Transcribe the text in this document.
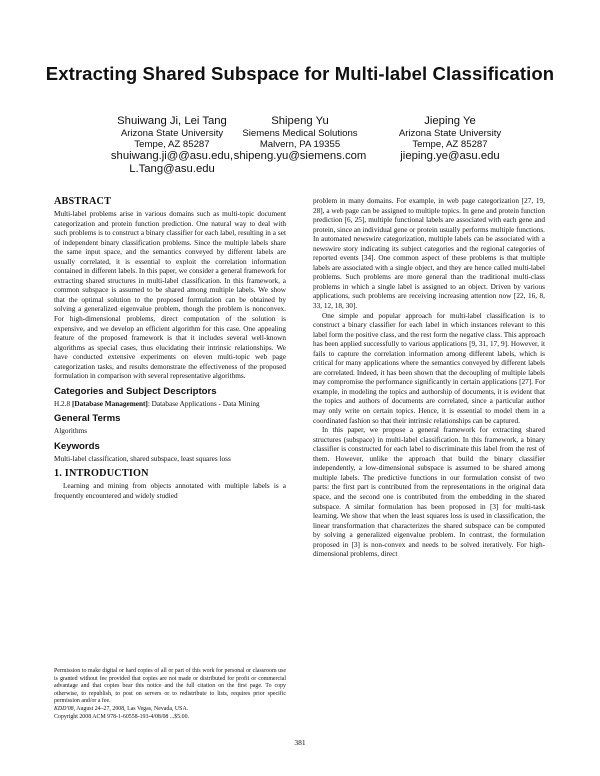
Extracting Shared Subspace for Multi-label Classification
Shuiwang Ji, Lei Tang
Arizona State University
Tempe, AZ 85287
shuiwang.ji@@asu.edu,
L.Tang@asu.edu
Shipeng Yu
Siemens Medical Solutions
Malvern, PA 19355
shipeng.yu@siemens.com
Jieping Ye
Arizona State University
Tempe, AZ 85287
jieping.ye@asu.edu
ABSTRACT

Multi-label problems arise in various domains such as multi-topic document categorization and protein function prediction. One natural way to deal with such problems is to construct a binary classifier for each label, resulting in a set of independent binary classification problems. Since the multiple labels share the same input space, and the semantics conveyed by different labels are usually correlated, it is essential to exploit the correlation information contained in different labels. In this paper, we consider a general framework for extracting shared structures in multi-label classification. In this framework, a common subspace is assumed to be shared among multiple labels. We show that the optimal solution to the proposed formulation can be obtained by solving a generalized eigenvalue problem, though the problem is nonconvex. For high-dimensional problems, direct computation of the solution is expensive, and we develop an efficient algorithm for this case. One appealing feature of the proposed framework is that it includes several well-known algorithms as special cases, thus elucidating their intrinsic relationships. We have conducted extensive experiments on eleven multi-topic web page categorization tasks, and results demonstrate the effectiveness of the proposed formulation in comparison with several representative algorithms.

Categories and Subject Descriptors

H.2.8 [Database Management]: Database Applications - Data Mining

General Terms

Algorithms

Keywords

Multi-label classification, shared subspace, least squares loss

1. INTRODUCTION

Learning and mining from objects annotated with multiple labels is a frequently encountered and widely studied

Permission to make digital or hard copies of all or part of this work for personal or classroom use is granted without fee provided that copies are not made or distributed for profit or commercial advantage and that copies bear this notice and the full citation on the first page. To copy otherwise, to republish, to post on servers or to redistribute to lists, requires prior specific permission and/or a fee.

KDD'08, August 24–27, 2008, Las Vegas, Nevada, USA.

Copyright 2008 ACM 978-1-60558-193-4/08/08 ...$5.00.

problem in many domains. For example, in web page categorization [27, 19, 28], a web page can be assigned to multiple topics. In gene and protein function prediction [6, 25], multiple functional labels are associated with each gene and protein, since an individual gene or protein usually performs multiple functions. In automated newswire categorization, multiple labels can be associated with a newswire story indicating its subject categories and the regional categories of reported events [34]. One common aspect of these problems is that multiple labels are associated with a single object, and they are hence called multi-label problems. Such problems are more general than the traditional multi-class problems in which a single label is assigned to an object. Driven by various applications, such problems are receiving increasing attention now [22, 16, 8, 33, 12, 18, 30].

One simple and popular approach for multi-label classification is to construct a binary classifier for each label in which instances relevant to this label form the positive class, and the rest form the negative class. This approach has been applied successfully to various applications [9, 31, 17, 9]. However, it fails to capture the correlation information among different labels, which is critical for many applications where the semantics conveyed by different labels are correlated. Indeed, it has been shown that the decoupling of multiple labels may compromise the performance significantly in certain applications [27]. For example, in modeling the topics and authorship of documents, it is evident that the topics and authors of documents are correlated, since a particular author may only write on certain topics. Hence, it is essential to model them in a coordinated fashion so that their intrinsic relationships can be captured.

In this paper, we propose a general framework for extracting shared structures (subspace) in multi-label classification. In this framework, a binary classifier is constructed for each label to discriminate this label from the rest of them. However, unlike the approach that build the binary classifier independently, a low-dimensional subspace is assumed to be shared among multiple labels. The predictive functions in our formulation consist of two parts: the first part is contributed from the representations in the original data space, and the second one is contributed from the embedding in the shared subspace. A similar formulation has been proposed in [3] for multi-task learning. We show that when the least squares loss is used in classification, the linear transformation that characterizes the shared subspace can be computed by solving a generalized eigenvalue problem. In contrast, the formulation proposed in [3] is non-convex and needs to be solved iteratively. For high-dimensional problems, direct

381
